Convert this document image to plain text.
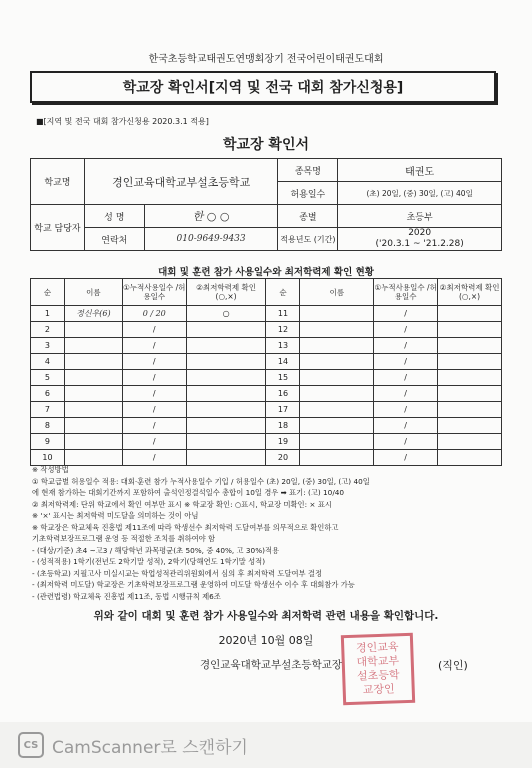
한국초등학교태권도연맹회장기 전국어린이태권도대회
학교장 확인서[지역 및 전국 대회 참가신청용]
■[지역 및 전국 대회 참가신청용 2020.3.1 적용]
학교장 확인서
학교명	경인교육대학교부설초등학교		종목명	태권도
			허용일수	(초) 20일, (중) 30일, (고) 40일
학교 담당자	성 명	한 ○ ○	종별	초등부
	연락처	010-9649-9433	적용년도 (기간)	2020
('20.3.1 ~ '21.2.28)
대회 및 훈련 참가 사용일수와 최저학력제 확인 현황
순	이름	①누적사용일수 /허용일수	②최저학력제 확인(○,×)	순	이름	①누적사용일수 /허용일수	②최저학력제 확인(○,×)
1	정신우(6)	0 / 20	○	11		/	
2		/		12		/	
3		/		13		/	
4		/		14		/	
5		/		15		/	
6		/		16		/	
7		/		17		/	
8		/		18		/	
9		/		19		/	
10		/		20		/	
※ 작성방법
① 학교급별 허용일수 적용: 대회·훈련 참가 누적사용일수 기입 / 허용일수 (초) 20일, (중) 30일, (고) 40일
에 현재 참가하는 대회기간까지 포함하여 출석인정결석일수 총합이 10일 경우 ➡ 표기: (고) 10/40
② 최저학력제: 단위 학교에서 확인 여부만 표시 ※ 학교장 확인: ○표시, 학교장 미확인: × 표시
※ '×' 표시는 최저학력 미도달을 의미하는 것이 아님
※ 학교장은 학교체육 진흥법 제11조에 따라 학생선수 최저학력 도달여부를 의무적으로 확인하고
기초학력보장프로그램 운영 등 적절한 조치를 취하여야 함
- (대상/기준) 초4 ~고3 / 해당학년 과목평균(초 50%, 중 40%, 고 30%)적용
- (성적적용) 1학기(전년도 2학기말 성적), 2학기(당해연도 1학기말 성적)
- (초등학교) 지필고사 미실시교는 학업성적관리위원회에서 심의 후 최저학력 도달여부 결정
- (최저학력 미도달) 학교장은 기초학력보장프로그램 운영하여 미도달 학생선수 이수 후 대회참가 가능
- (관련법령) 학교체육 진흥법 제11조, 동법 시행규칙 제6조
위와 같이 대회 및 훈련 참가 사용일수와 최저학력 관련 내용을 확인합니다.
2020년 10월 08일
경인교육대학교부설초등학교장
경인교육
대학교부
설초등학
교장인
(직인)
CS CamScanner로 스캔하기
